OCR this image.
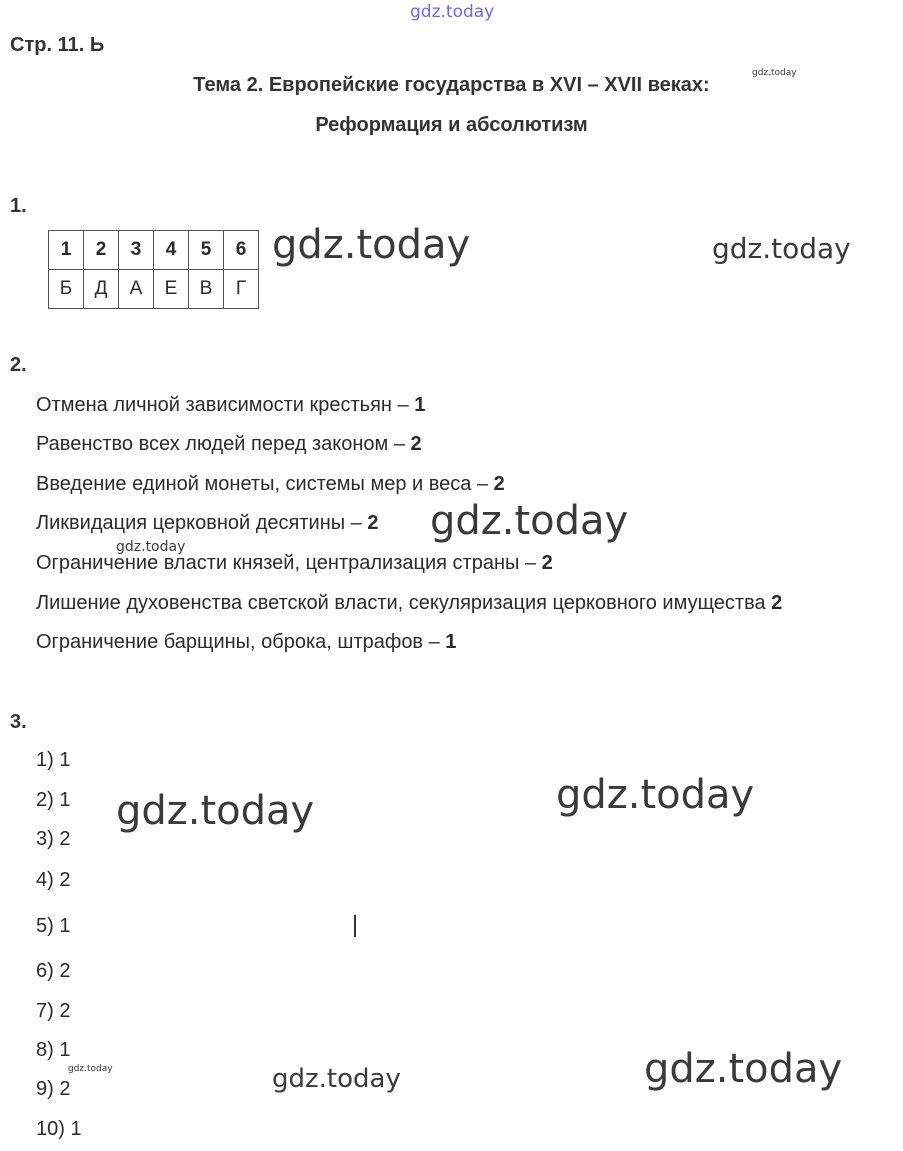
gdz.today
gdz.today
gdz.today	gdz.today
gdz.today
gdz.today
gdz.today	gdz.today
gdz.today	gdz.today	gdz.today
Стр. 11. Ь
Тема 2. Европейские государства в XVI – XVII веках:
Реформация и абсолютизм
1.
1	2	3	4	5	6
Б	Д	А	Е	В	Г
2.
Отмена личной зависимости крестьян – 1
Равенство всех людей перед законом – 2
Введение единой монеты, системы мер и веса – 2
Ликвидация церковной десятины – 2
Ограничение власти князей, централизация страны – 2
Лишение духовенства светской власти, секуляризация церковного имущества 2
Ограничение барщины, оброка, штрафов – 1
3.
1) 1
2) 1
3) 2
4) 2
5) 1
6) 2
7) 2
8) 1
9) 2
10) 1
